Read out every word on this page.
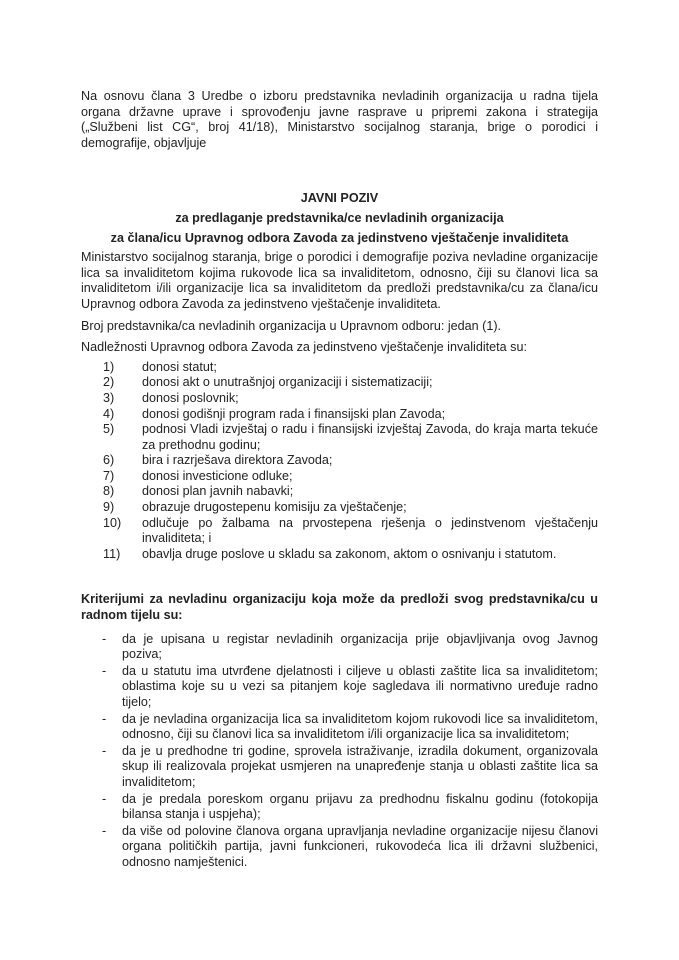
Na osnovu člana 3 Uredbe o izboru predstavnika nevladinih organizacija u radna tijela organa državne uprave i sprovođenju javne rasprave u pripremi zakona i strategija („Službeni list CG“, broj 41/18), Ministarstvo socijalnog staranja, brige o porodici i demografije, objavljuje

JAVNI POZIV

za predlaganje predstavnika/ce nevladinih organizacija

za člana/icu Upravnog odbora Zavoda za jedinstveno vještačenje invaliditeta

Ministarstvo socijalnog staranja, brige o porodici i demografije poziva nevladine organizacije lica sa invaliditetom kojima rukovode lica sa invaliditetom, odnosno, čiji su članovi lica sa invaliditetom i/ili organizacije lica sa invaliditetom da predloži predstavnika/cu za člana/icu Upravnog odbora Zavoda za jedinstveno vještačenje invaliditeta.

Broj predstavnika/ca nevladinih organizacija u Upravnom odboru: jedan (1).

Nadležnosti Upravnog odbora Zavoda za jedinstveno vještačenje invaliditeta su:

1)	donosi statut;
2)	donosi akt o unutrašnjoj organizaciji i sistematizaciji;
3)	donosi poslovnik;
4)	donosi godišnji program rada i finansijski plan Zavoda;
5)	podnosi Vladi izvještaj o radu i finansijski izvještaj Zavoda, do kraja marta tekuće za prethodnu godinu;
6)	bira i razrješava direktora Zavoda;
7)	donosi investicione odluke;
8)	donosi plan javnih nabavki;
9)	obrazuje drugostepenu komisiju za vještačenje;
10)	odlučuje po žalbama na prvostepena rješenja o jedinstvenom vještačenju invaliditeta; i
11)	obavlja druge poslove u skladu sa zakonom, aktom o osnivanju i statutom.

Kriterijumi za nevladinu organizaciju koja može da predloži svog predstavnika/cu u radnom tijelu su:

-	da je upisana u registar nevladinih organizacija prije objavljivanja ovog Javnog poziva;
-	da u statutu ima utvrđene djelatnosti i ciljeve u oblasti zaštite lica sa invaliditetom; oblastima koje su u vezi sa pitanjem koje sagledava ili normativno uređuje radno tijelo;
-	da je nevladina organizacija lica sa invaliditetom kojom rukovodi lice sa invaliditetom, odnosno, čiji su članovi lica sa invaliditetom i/ili organizacije lica sa invaliditetom;
-	da je u predhodne tri godine, sprovela istraživanje, izradila dokument, organizovala skup ili realizovala projekat usmjeren na unapređenje stanja u oblasti zaštite lica sa invaliditetom;
-	da je predala poreskom organu prijavu za predhodnu fiskalnu godinu (fotokopija bilansa stanja i uspjeha);
-	da više od polovine članova organa upravljanja nevladine organizacije nijesu članovi organa političkih partija, javni funkcioneri, rukovodeća lica ili državni službenici, odnosno namještenici.
